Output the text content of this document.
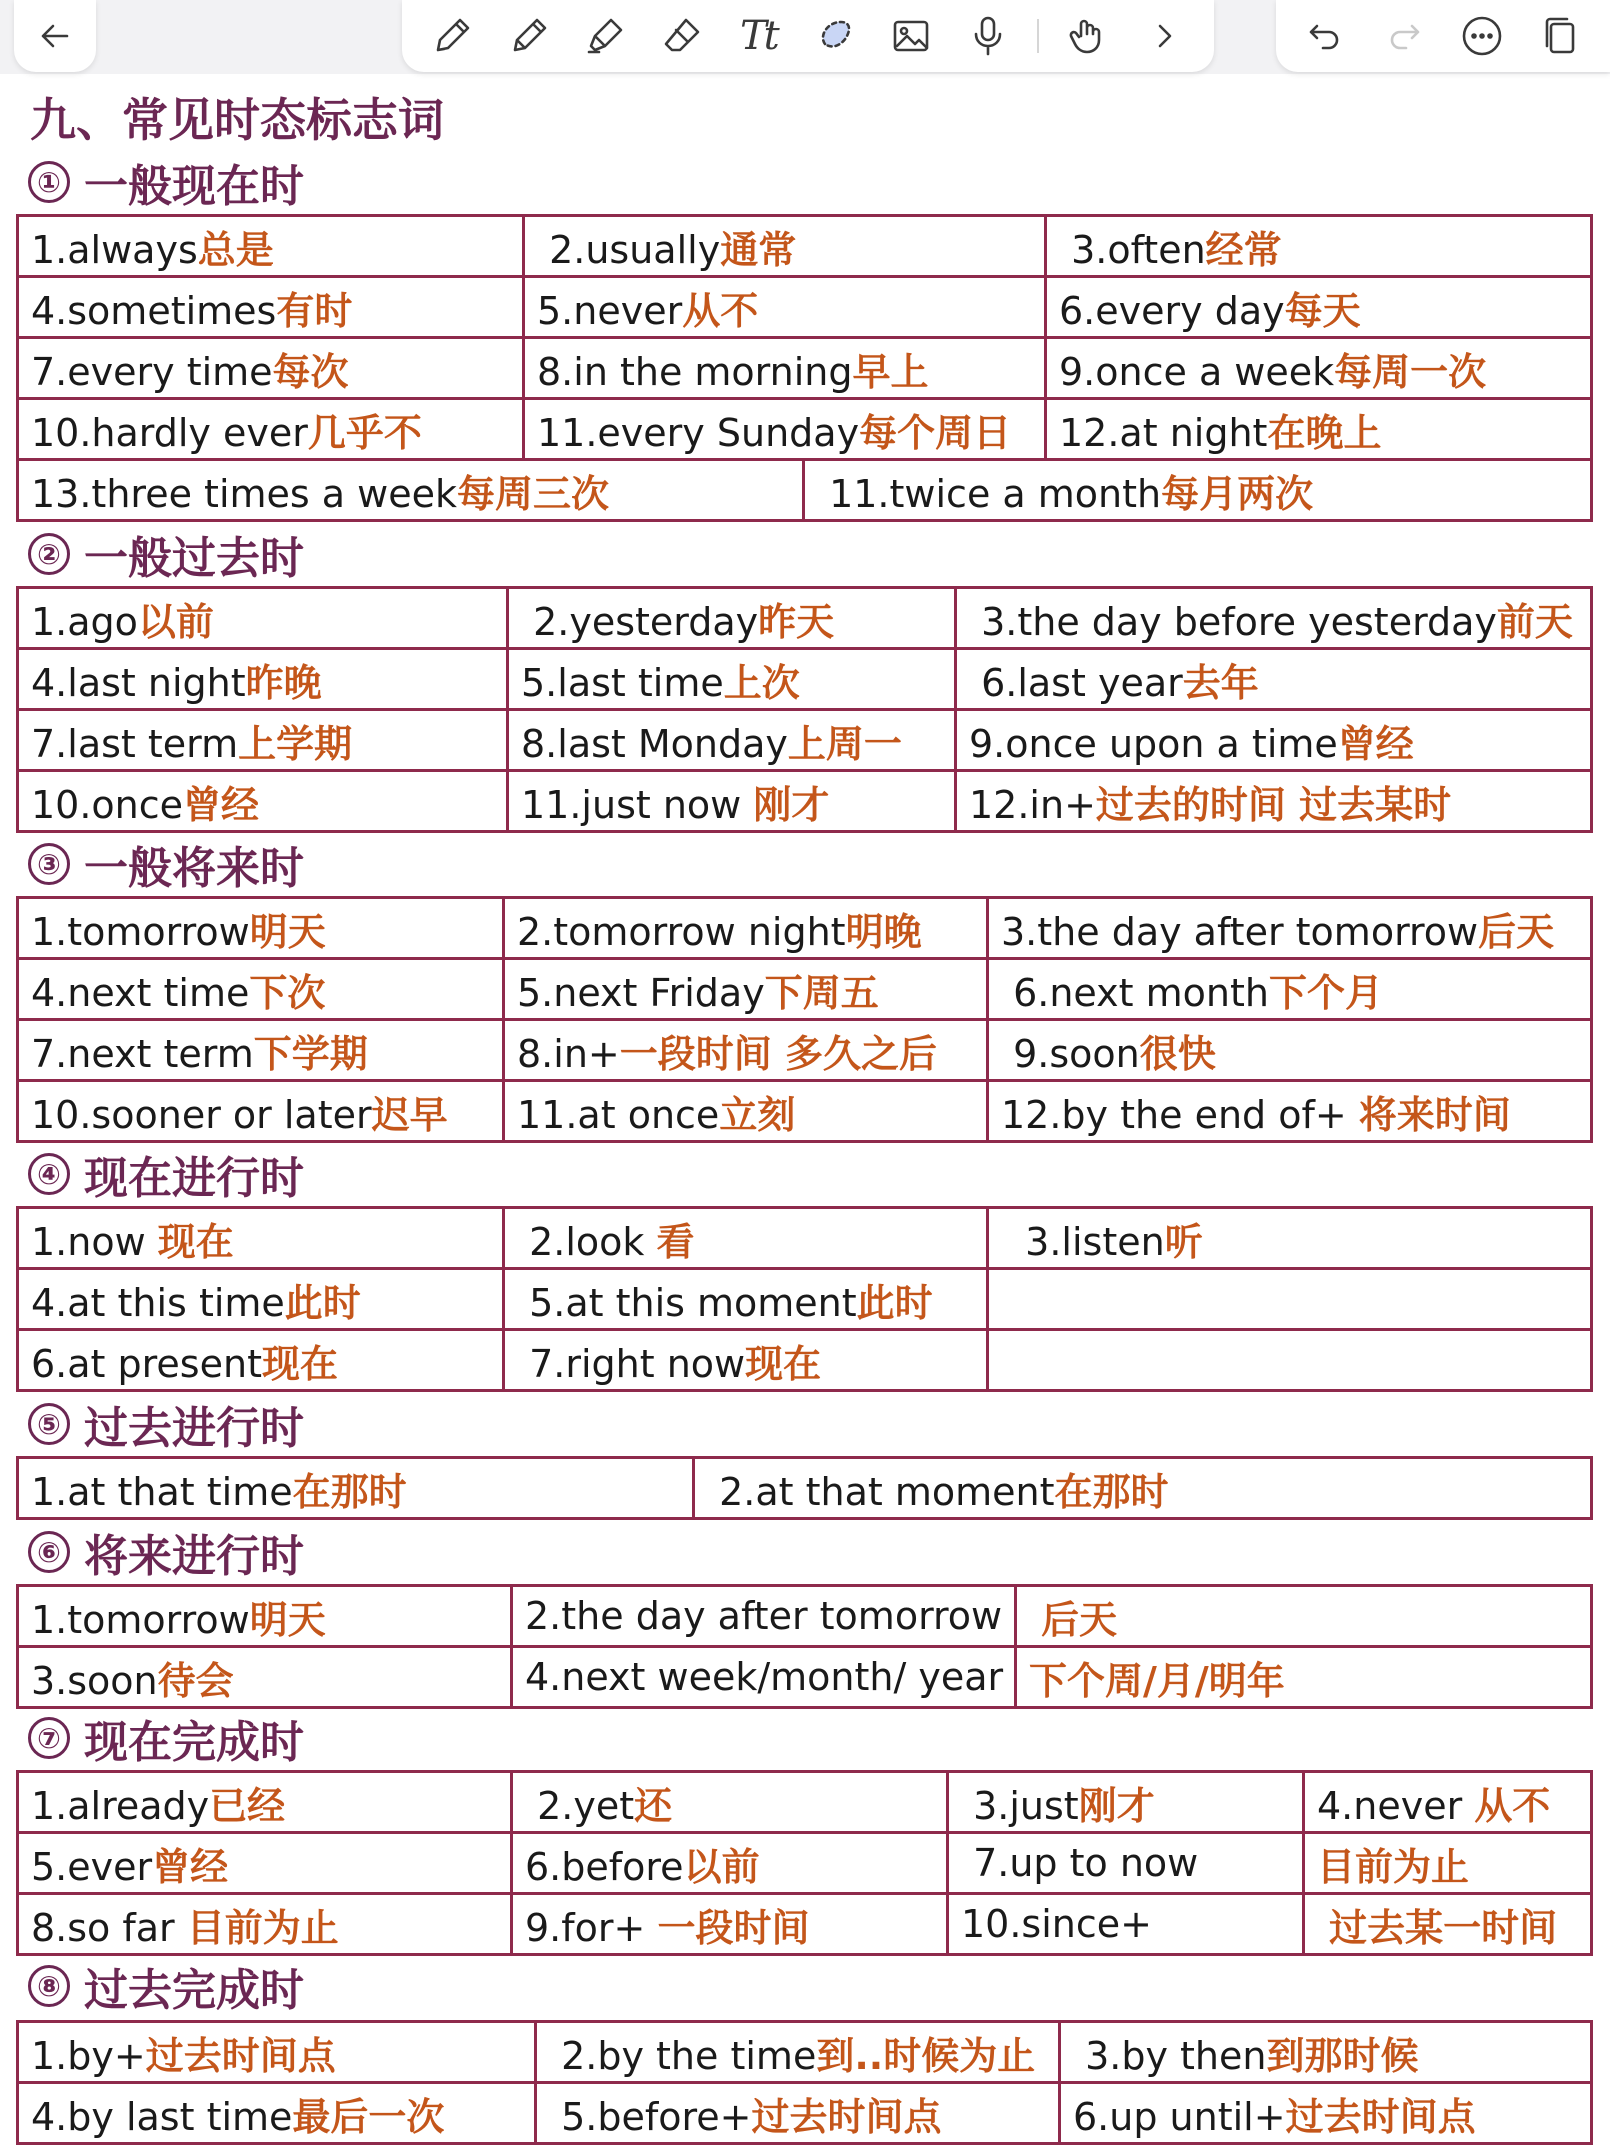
Tt
九、常见时态标志词
① 一般现在时
1.always总是	2.usually通常	3.often经常
4.sometimes有时	5.never从不	6.every day每天
7.every time每次	8.in the morning早上	9.once a week每周一次
10.hardly ever几乎不	11.every Sunday每个周日	12.at night在晚上
13.three times a week每周三次	11.twice a month每月两次
② 一般过去时
1.ago以前	2.yesterday昨天	3.the day before yesterday前天
4.last night昨晚	5.last time上次	6.last year去年
7.last term上学期	8.last Monday上周一	9.once upon a time曾经
10.once曾经	11.just now 刚才	12.in+过去的时间 过去某时
③ 一般将来时
1.tomorrow明天	2.tomorrow night明晚	3.the day after tomorrow后天
4.next time下次	5.next Friday下周五	6.next month下个月
7.next term下学期	8.in+一段时间 多久之后	9.soon很快
10.sooner or later迟早	11.at once立刻	12.by the end of+ 将来时间
④ 现在进行时
1.now 现在	2.look 看	3.listen听
4.at this time此时	5.at this moment此时	
6.at present现在	7.right now现在	
⑤ 过去进行时
1.at that time在那时	2.at that moment在那时
⑥ 将来进行时
1.tomorrow明天	2.the day after tomorrow	后天
3.soon待会	4.next week/month/ year	下个周/月/明年
⑦ 现在完成时
1.already已经	2.yet还	3.just刚才	4.never 从不
5.ever曾经	6.before以前	7.up to now	目前为止
8.so far 目前为止	9.for+ 一段时间	10.since+	过去某一时间
⑧ 过去完成时
1.by+过去时间点	2.by the time到..时候为止	3.by then到那时候
4.by last time最后一次	5.before+过去时间点	6.up until+过去时间点
